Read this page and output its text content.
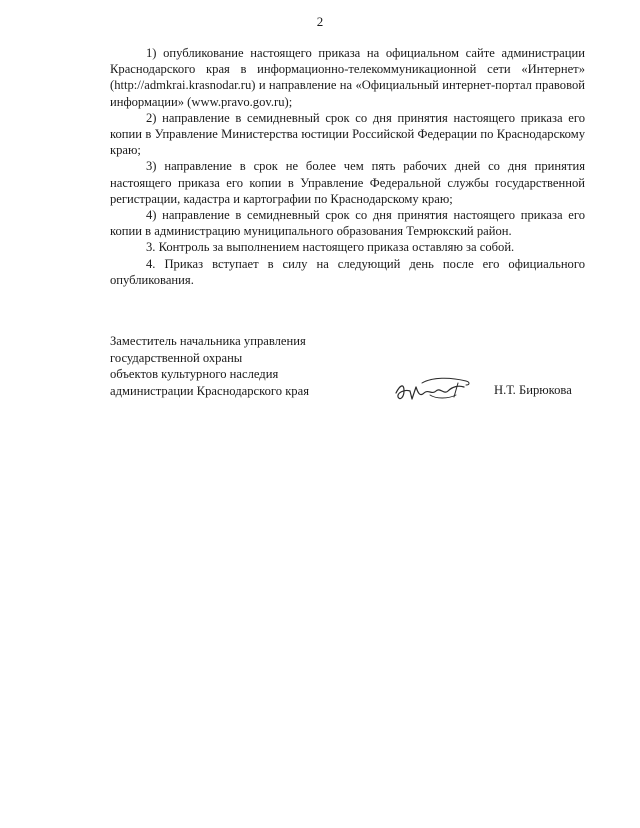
2

1) опубликование настоящего приказа на официальном сайте администрации Краснодарского края в информационно-телекоммуникационной сети «Интернет» (http://admkrai.krasnodar.ru) и направление на «Официальный интернет-портал правовой информации» (www.pravo.gov.ru);

2) направление в семидневный срок со дня принятия настоящего приказа его копии в Управление Министерства юстиции Российской Федерации по Краснодарскому краю;

3) направление в срок не более чем пять рабочих дней со дня принятия настоящего приказа его копии в Управление Федеральной службы государственной регистрации, кадастра и картографии по Краснодарскому краю;

4) направление в семидневный срок со дня принятия настоящего приказа его копии в администрацию муниципального образования Темрюкский район.

3. Контроль за выполнением настоящего приказа оставляю за собой.

4. Приказ вступает в силу на следующий день после его официального опубликования.

Заместитель начальника управления
государственной охраны
объектов культурного наследия
администрации Краснодарского края	Н.Т. Бирюкова
